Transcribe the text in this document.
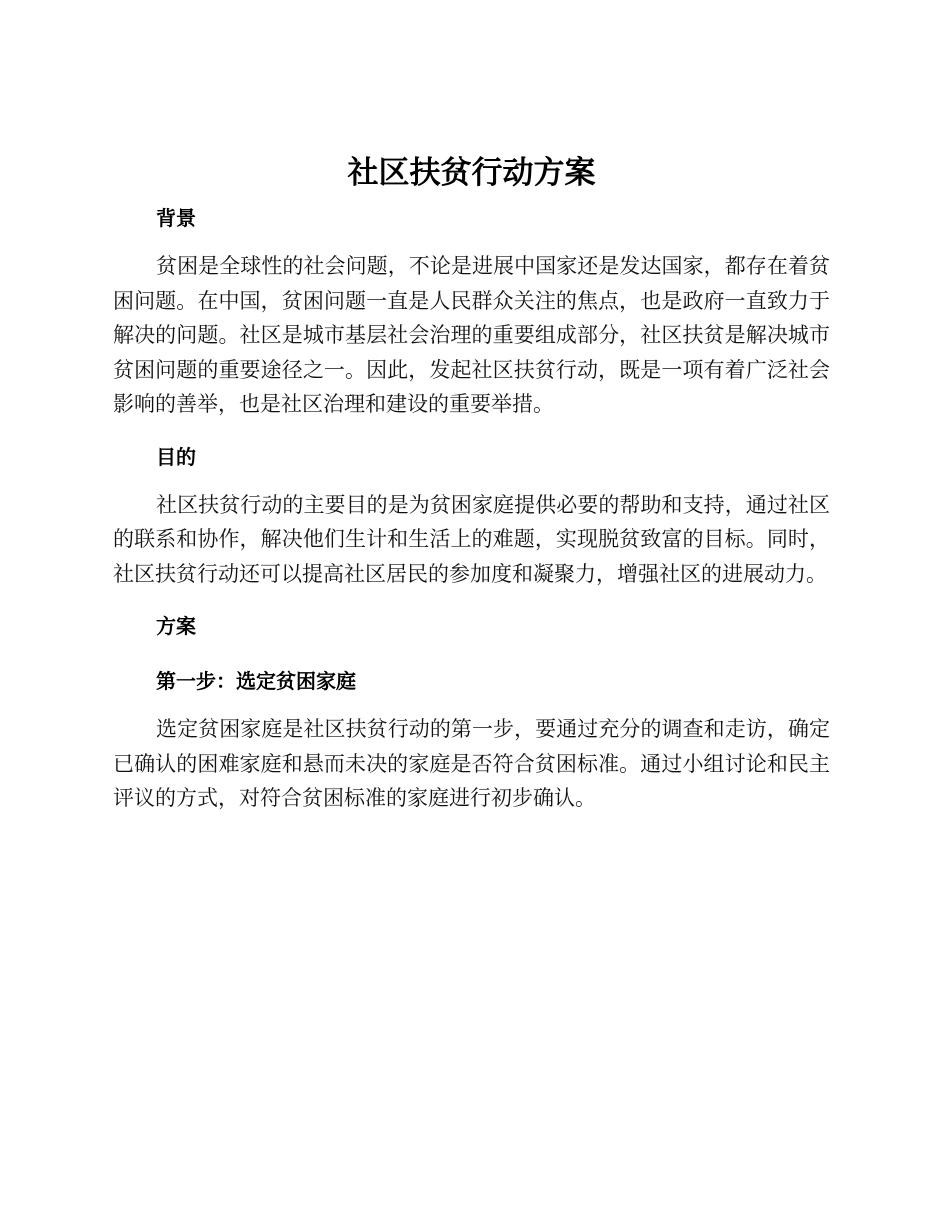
社区扶贫行动方案
背景

贫困是全球性的社会问题，不论是进展中国家还是发达国家，都存在着贫困问题。在中国，贫困问题一直是人民群众关注的焦点，也是政府一直致力于解决的问题。社区是城市基层社会治理的重要组成部分，社区扶贫是解决城市贫困问题的重要途径之一。因此，发起社区扶贫行动，既是一项有着广泛社会影响的善举，也是社区治理和建设的重要举措。

目的

社区扶贫行动的主要目的是为贫困家庭提供必要的帮助和支持，通过社区的联系和协作，解决他们生计和生活上的难题，实现脱贫致富的目标。同时，社区扶贫行动还可以提高社区居民的参加度和凝聚力，增强社区的进展动力。

方案
第一步：选定贫困家庭

选定贫困家庭是社区扶贫行动的第一步，要通过充分的调查和走访，确定已确认的困难家庭和悬而未决的家庭是否符合贫困标准。通过小组讨论和民主评议的方式，对符合贫困标准的家庭进行初步确认。
